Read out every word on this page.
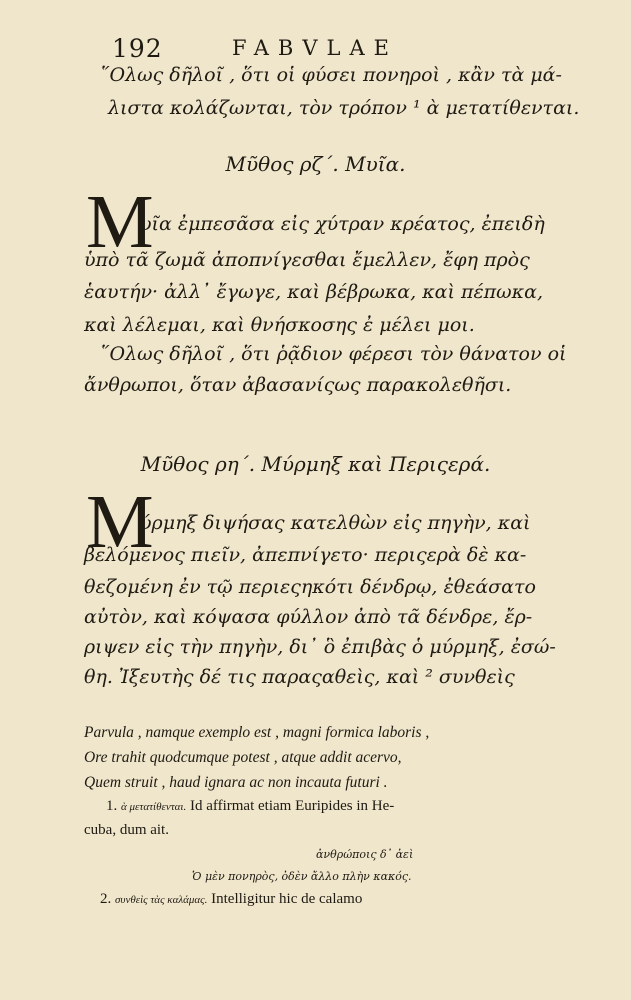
192	FABVLAE
῞Ολως δῆλοῖ , ὅτι οἱ φύσει πονηροὶ , κἂν τὰ μά-
λιστα κολάζωνται, τὸν τρόπον ¹ ὰ μετατίθενται.
Μῦθος ρζ´. Μυῖα.
M
υῖα ἐμπεσᾶσα εἰς χύτραν κρέατος, ἐπειδὴ
ὑπὸ τᾶ ζωμᾶ ἀποπνίγεσθαι ἔμελλεν, ἔφη πρὸς
ἑαυτήν· ἀλλ᾽ ἔγωγε, καὶ βέβρωκα, καὶ πέπωκα,
καὶ λέλεμαι, καὶ θνήσκοσης ἐ μέλει μοι.
῞Ολως δῆλοῖ , ὅτι ῥᾷδιον φέρεσι τὸν θάνατον οἱ
ἄνθρωποι, ὅταν ἀβασανίςως παρακολεθῆσι.
Μῦθος ρη´. Μύρμηξ καὶ Περιςερά.
M
ύρμηξ διψήσας κατελθὼν εἰς πηγὴν, καὶ
βελόμενος πιεῖν, ἀπεπνίγετο· περιςερὰ δὲ κα-
θεζομένη ἐν τῷ περιεςηκότι δένδρῳ, ἐθεάσατο
αὐτὸν, καὶ κόψασα φύλλον ἀπὸ τᾶ δένδρε, ἔρ-
ριψεν εἰς τὴν πηγὴν, δι᾽ ὃ ἐπιβὰς ὁ μύρμηξ, ἐσώ-
θη. Ἰξευτὴς δέ τις παραςαθεὶς, καὶ ² συνθεὶς
Parvula , namque exemplo est , magni formica laboris ,
Ore trahit quodcumque potest , atque addit acervo,
Quem struit , haud ignara ac non incauta futuri .
1. ὰ μετατίθενται. Id affirmat etiam Euripides in He-
cuba, dum ait.
ἀνθρώποις δ᾽ ἀεὶ
Ὁ μὲν πονηρὸς, ὀδὲν ἄλλο πλὴν κακός.
2. συνθεὶς τὰς καλάμας. Intelligitur hic de calamo
